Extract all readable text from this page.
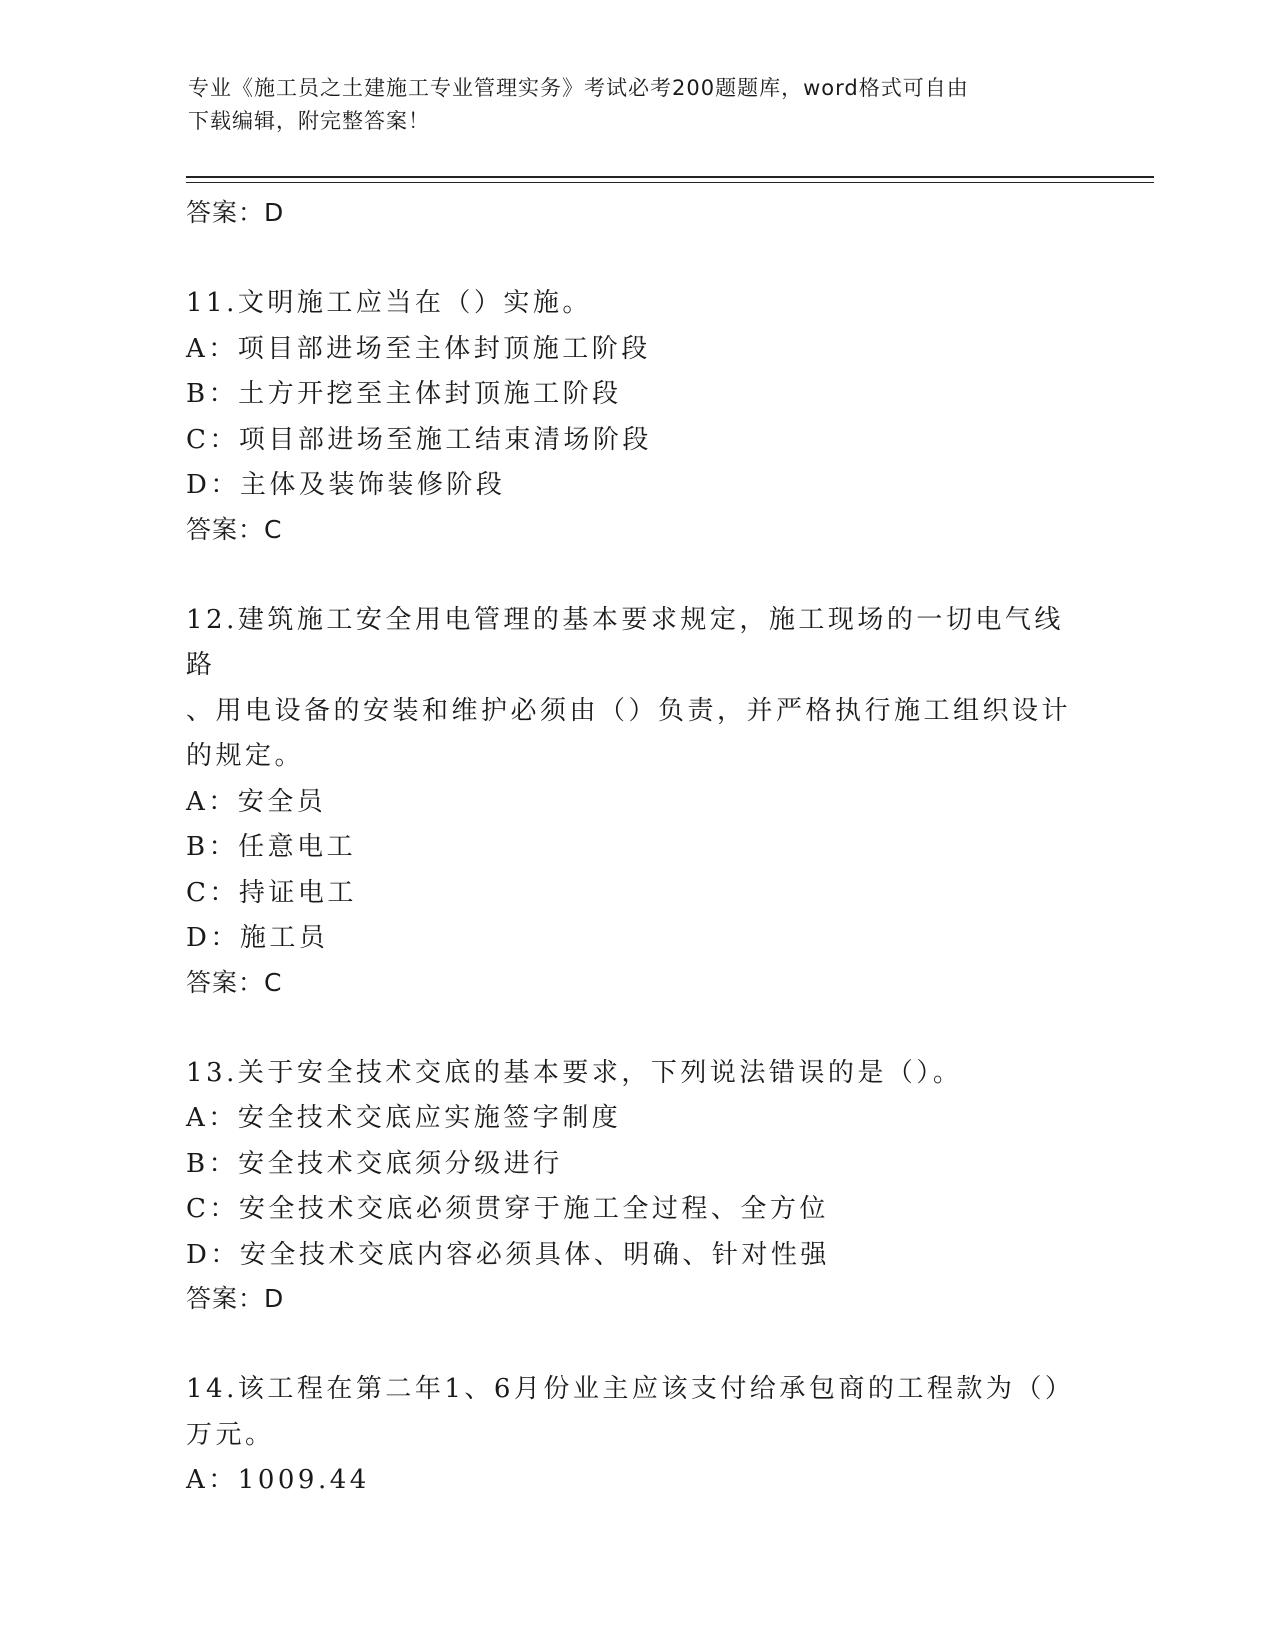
专业《施工员之土建施工专业管理实务》考试必考200题题库，word格式可自由
下载编辑，附完整答案！

答案：D

11.文明施工应当在（）实施。

A：项目部进场至主体封顶施工阶段

B：土方开挖至主体封顶施工阶段

C：项目部进场至施工结束清场阶段

D：主体及装饰装修阶段

答案：C

12.建筑施工安全用电管理的基本要求规定，施工现场的一切电气线路

、用电设备的安装和维护必须由（）负责，并严格执行施工组织设计

的规定。

A：安全员

B：任意电工

C：持证电工

D：施工员

答案：C

13.关于安全技术交底的基本要求，下列说法错误的是（）。

A：安全技术交底应实施签字制度

B：安全技术交底须分级进行

C：安全技术交底必须贯穿于施工全过程、全方位

D：安全技术交底内容必须具体、明确、针对性强

答案：D

14.该工程在第二年1、6月份业主应该支付给承包商的工程款为（）

万元。

A：1009.44
